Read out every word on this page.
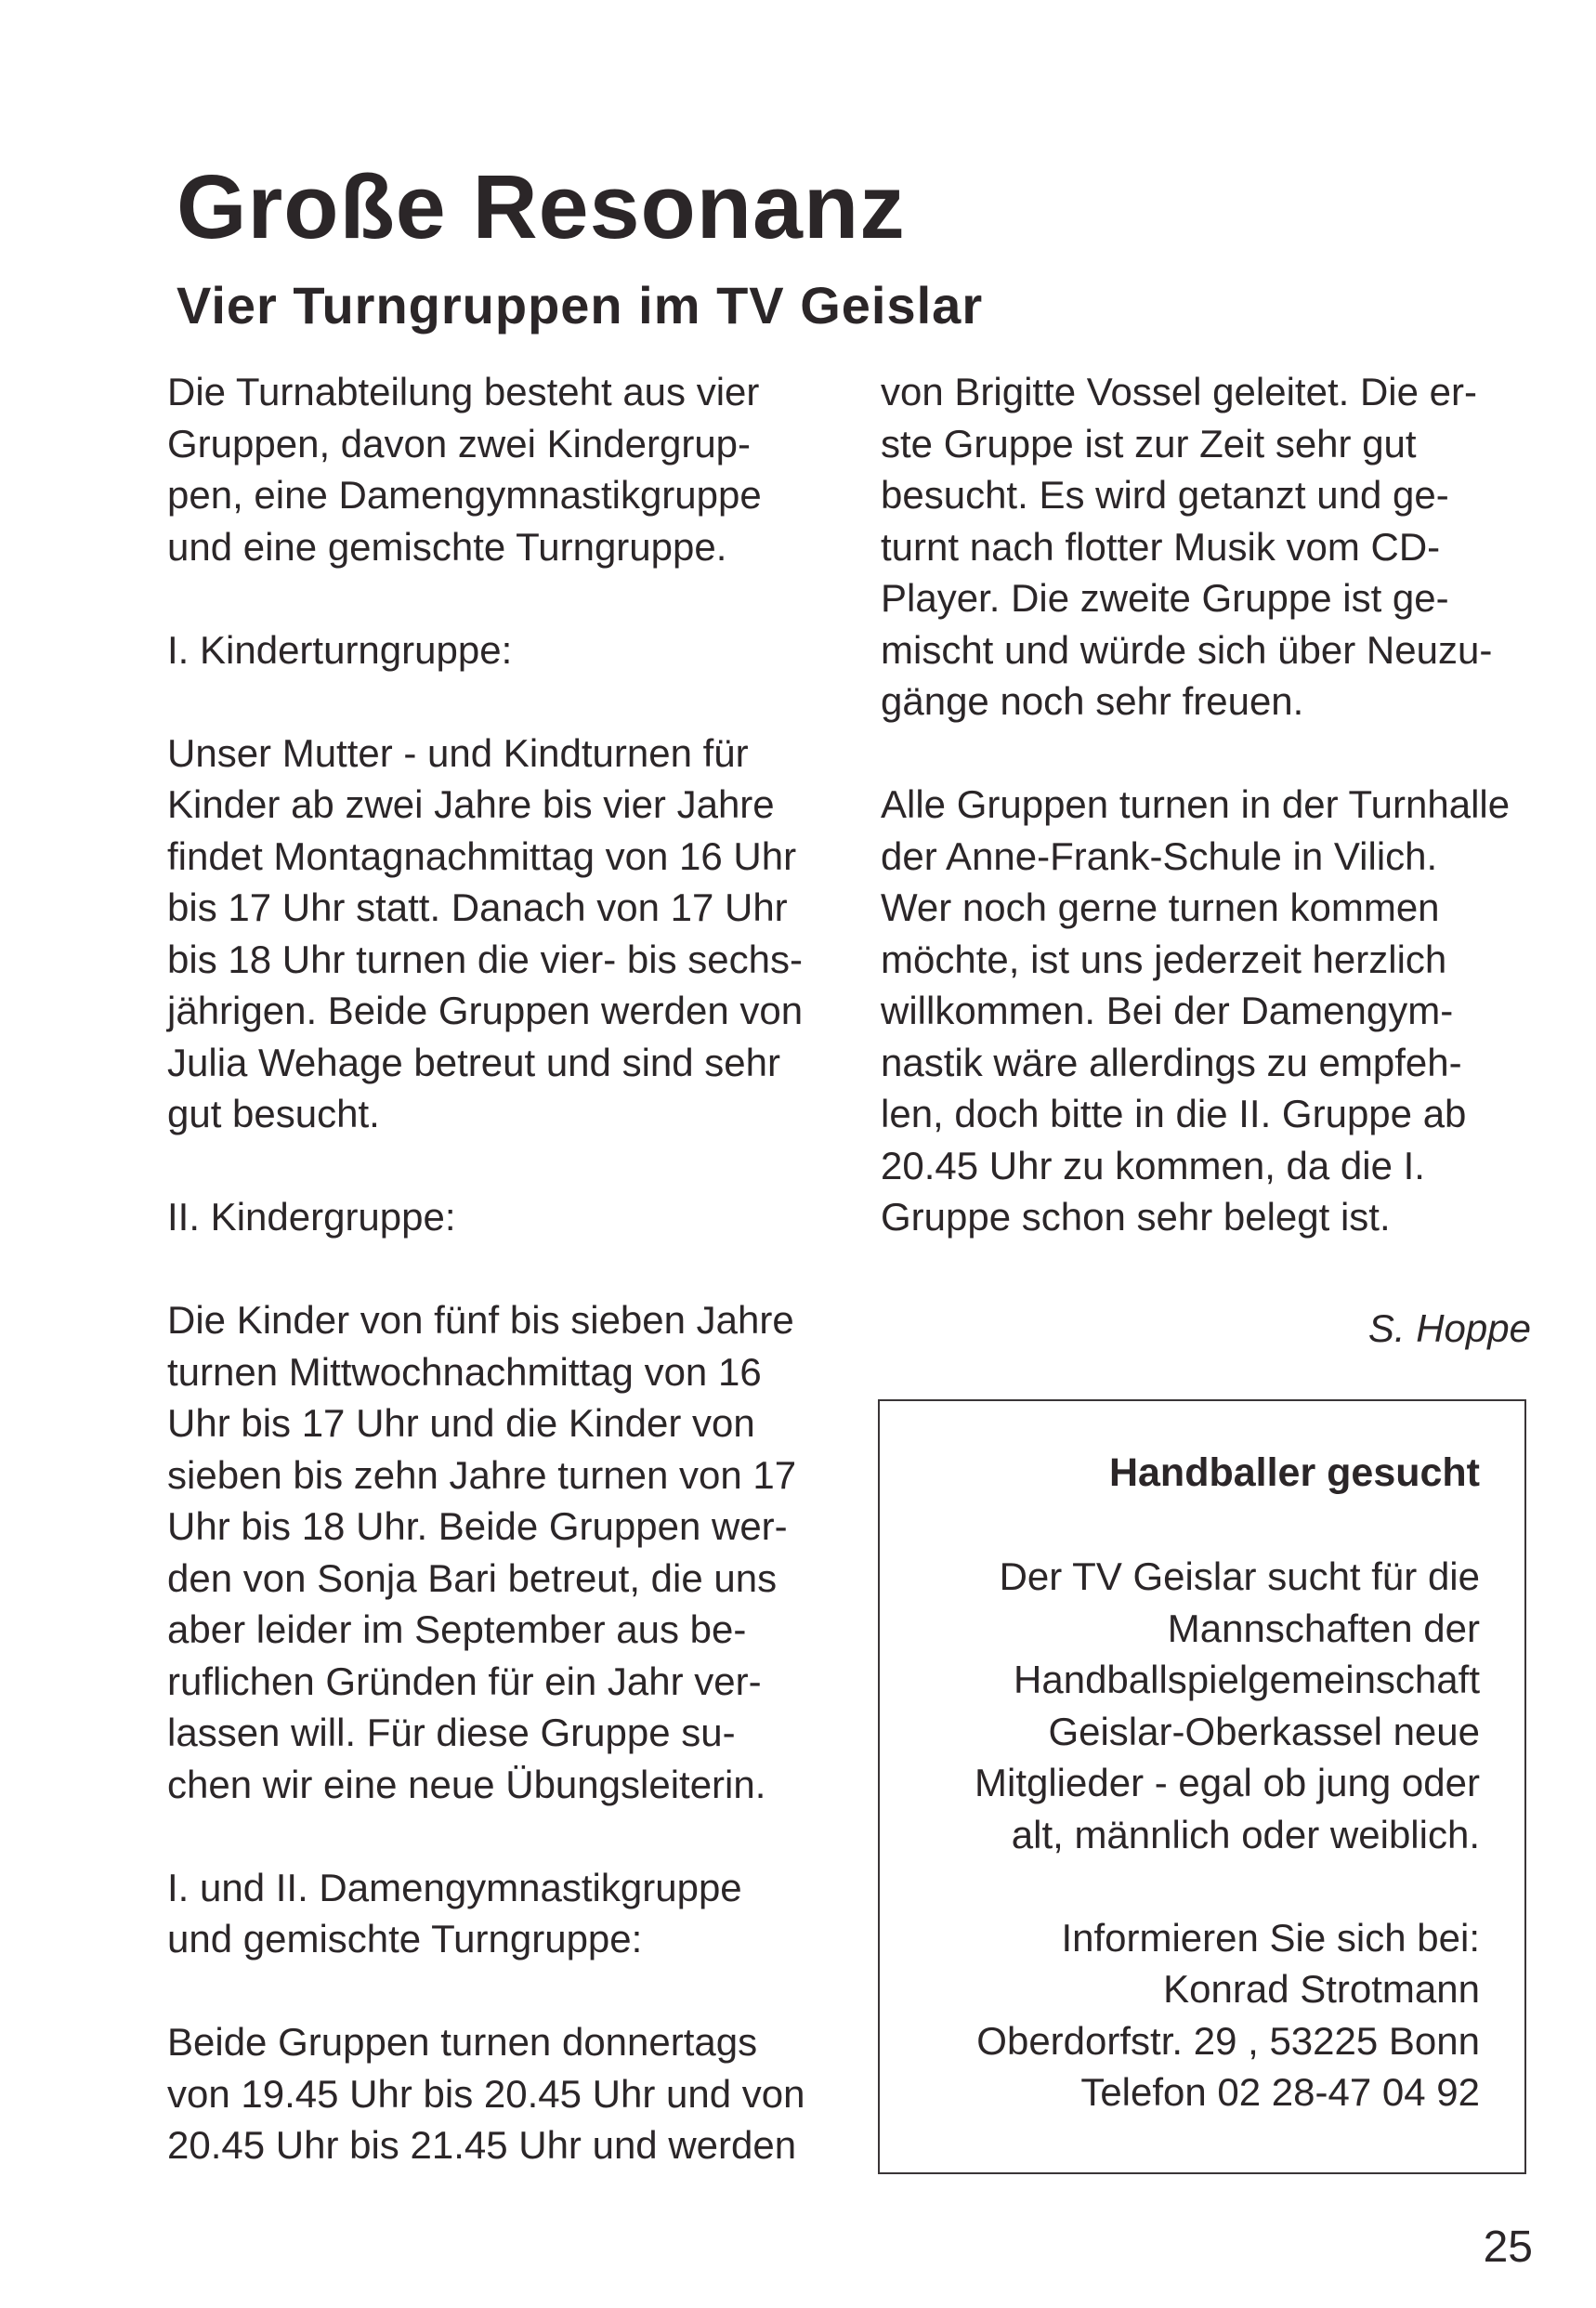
Große Resonanz
Vier Turngruppen im TV Geislar

Die Turnabteilung besteht aus vier
Gruppen, davon zwei Kindergrup-
pen, eine Damengymnastikgruppe
und eine gemischte Turngruppe.

I. Kinderturngruppe:

Unser Mutter - und Kindturnen für
Kinder ab zwei Jahre bis vier Jahre
findet Montagnachmittag von 16 Uhr
bis 17 Uhr statt. Danach von 17 Uhr
bis 18 Uhr turnen die vier- bis sechs-
jährigen. Beide Gruppen werden von
Julia Wehage betreut und sind sehr
gut besucht.

II. Kindergruppe:

Die Kinder von fünf bis sieben Jahre
turnen Mittwochnachmittag von 16
Uhr bis 17 Uhr und die Kinder von
sieben bis zehn Jahre turnen von 17
Uhr bis 18 Uhr. Beide Gruppen wer-
den von Sonja Bari betreut, die uns
aber leider im September aus be-
ruflichen Gründen für ein Jahr ver-
lassen will. Für diese Gruppe su-
chen wir eine neue Übungsleiterin.

I. und II. Damengymnastikgruppe
und gemischte Turngruppe:

Beide Gruppen turnen donnertags
von 19.45 Uhr bis 20.45 Uhr und von
20.45 Uhr bis 21.45 Uhr und werden

von Brigitte Vossel geleitet. Die er-
ste Gruppe ist zur Zeit sehr gut
besucht. Es wird getanzt und ge-
turnt nach flotter Musik vom CD-
Player. Die zweite Gruppe ist ge-
mischt und würde sich über Neuzu-
gänge noch sehr freuen.

Alle Gruppen turnen in der Turnhalle
der Anne-Frank-Schule in Vilich.
Wer noch gerne turnen kommen
möchte, ist uns jederzeit herzlich
willkommen. Bei der Damengym-
nastik wäre allerdings zu empfeh-
len, doch bitte in die II. Gruppe ab
20.45 Uhr zu kommen, da die I.
Gruppe schon sehr belegt ist.

S. Hoppe

Handballer gesucht

Der TV Geislar sucht für die
Mannschaften der
Handballspielgemeinschaft
Geislar-Oberkassel neue
Mitglieder - egal ob jung oder
alt, männlich oder weiblich.

Informieren Sie sich bei:
Konrad Strotmann
Oberdorfstr. 29 , 53225 Bonn
Telefon 02 28-47 04 92

25
